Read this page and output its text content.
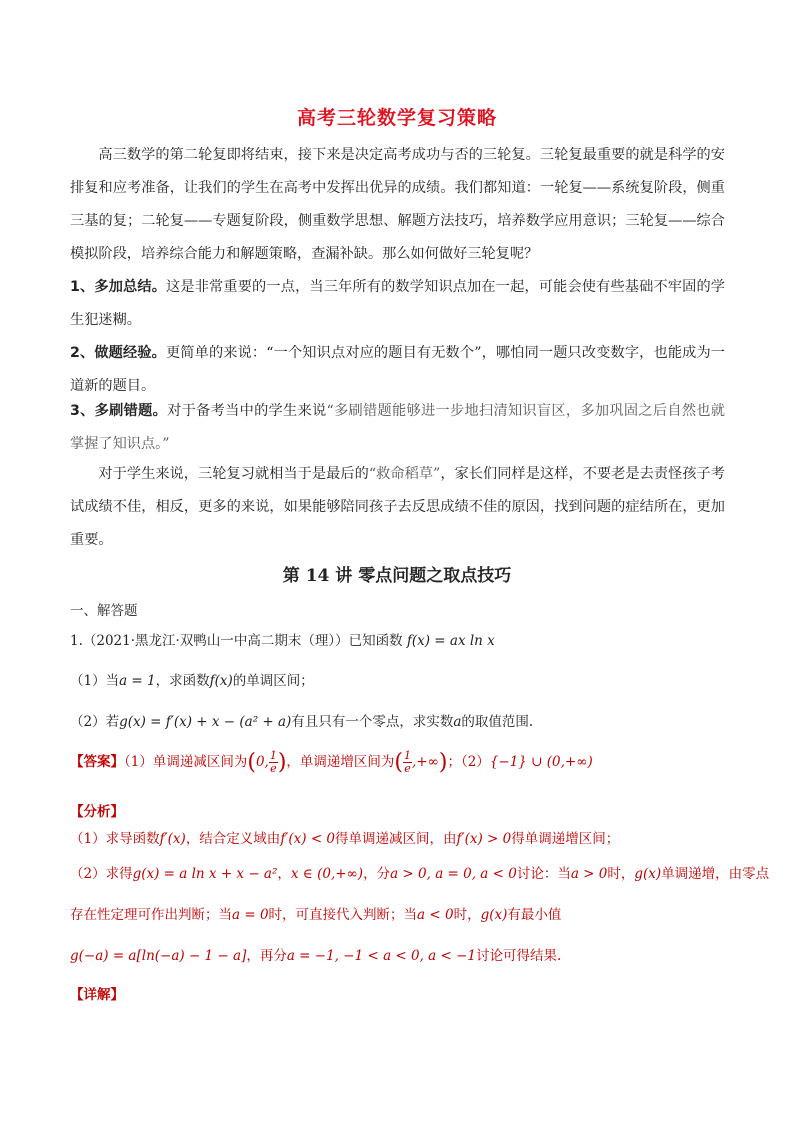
高考三轮数学复习策略
高三数学的第二轮复即将结束，接下来是决定高考成功与否的三轮复。三轮复最重要的就是科学的安排复和应考准备，让我们的学生在高考中发挥出优异的成绩。我们都知道：一轮复——系统复阶段，侧重三基的复；二轮复——专题复阶段，侧重数学思想、解题方法技巧，培养数学应用意识；三轮复——综合模拟阶段，培养综合能力和解题策略，查漏补缺。那么如何做好三轮复呢？
1、多加总结。这是非常重要的一点，当三年所有的数学知识点加在一起，可能会使有些基础不牢固的学生犯迷糊。
2、做题经验。更简单的来说：“一个知识点对应的题目有无数个”，哪怕同一题只改变数字，也能成为一道新的题目。
3、多刷错题。对于备考当中的学生来说“多刷错题能够进一步地扫清知识盲区，多加巩固之后自然也就掌握了知识点。”
对于学生来说，三轮复习就相当于是最后的“救命稻草”，家长们同样是这样，不要老是去责怪孩子考试成绩不佳，相反，更多的来说，如果能够陪同孩子去反思成绩不佳的原因，找到问题的症结所在，更加重要。
第 14 讲 零点问题之取点技巧
一、解答题
1.（2021·黑龙江·双鸭山一中高二期末（理））已知函数 f(x) = ax ln x
（1）当a = 1，求函数f(x)的单调区间；
（2）若g(x) = f′(x) + x − (a² + a)有且只有一个零点，求实数a的取值范围.
【答案】（1）单调递减区间为(0, $\frac{1}{e}$ )，单调递增区间为( $\frac{1}{e}$ ,+∞)；（2）{−1} ∪ (0,+∞)
【分析】
（1）求导函数f′(x)，结合定义域由f′(x) < 0得单调递减区间，由f′(x) > 0得单调递增区间；
（2）求得g(x) = a ln x + x − a²，x ∈ (0,+∞)，分a > 0, a = 0, a < 0讨论：当a > 0时，g(x)单调递增，由零点
存在性定理可作出判断；当a = 0时，可直接代入判断；当a < 0时，g(x)有最小值
g(−a) = a[ln(−a) − 1 − a]，再分a = −1, −1 < a < 0, a < −1讨论可得结果.
【详解】
